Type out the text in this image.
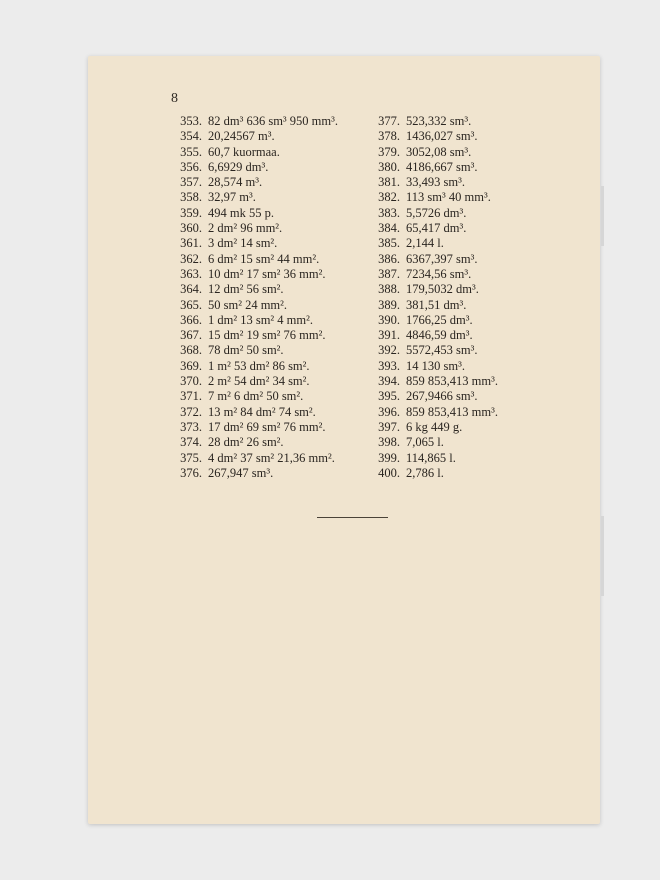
8
353. 82 dm³ 636 sm³ 950 mm³.
354. 20,24567 m³.
355. 60,7 kuormaa.
356. 6,6929 dm³.
357. 28,574 m³.
358. 32,97 m³.
359. 494 mk 55 p.
360. 2 dm² 96 mm².
361. 3 dm² 14 sm².
362. 6 dm² 15 sm² 44 mm².
363. 10 dm² 17 sm² 36 mm².
364. 12 dm² 56 sm².
365. 50 sm² 24 mm².
366. 1 dm² 13 sm² 4 mm².
367. 15 dm² 19 sm² 76 mm².
368. 78 dm² 50 sm².
369. 1 m² 53 dm² 86 sm².
370. 2 m² 54 dm² 34 sm².
371. 7 m² 6 dm² 50 sm².
372. 13 m² 84 dm² 74 sm².
373. 17 dm² 69 sm² 76 mm².
374. 28 dm² 26 sm².
375. 4 dm² 37 sm² 21,36 mm².
376. 267,947 sm³.
377. 523,332 sm³.
378. 1436,027 sm³.
379. 3052,08 sm³.
380. 4186,667 sm³.
381. 33,493 sm³.
382. 113 sm³ 40 mm³.
383. 5,5726 dm³.
384. 65,417 dm³.
385. 2,144 l.
386. 6367,397 sm³.
387. 7234,56 sm³.
388. 179,5032 dm³.
389. 381,51 dm³.
390. 1766,25 dm³.
391. 4846,59 dm³.
392. 5572,453 sm³.
393. 14 130 sm³.
394. 859 853,413 mm³.
395. 267,9466 sm³.
396. 859 853,413 mm³.
397. 6 kg 449 g.
398. 7,065 l.
399. 114,865 l.
400. 2,786 l.
